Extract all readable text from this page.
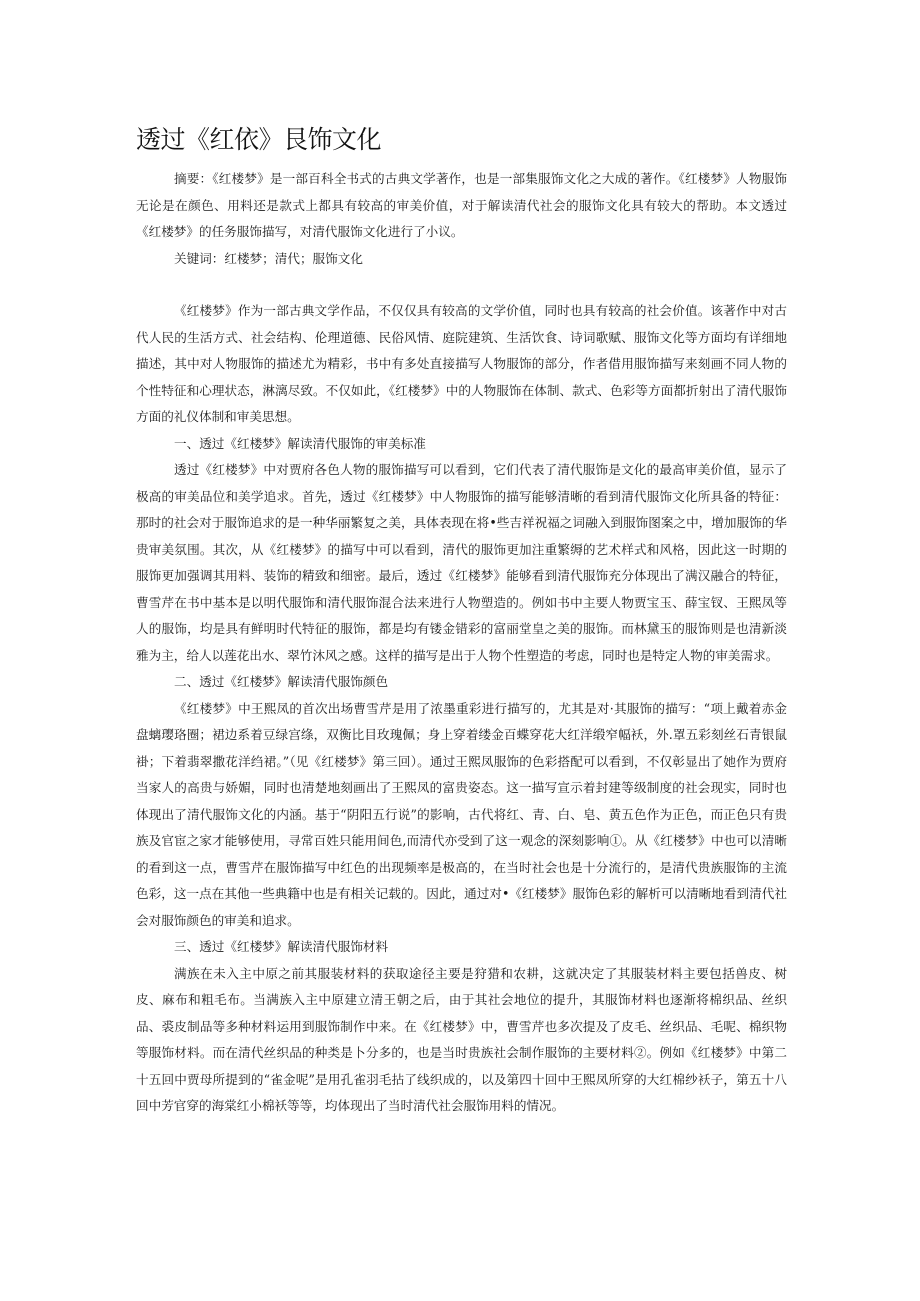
透过《红依》艮饰文化

摘要：《红楼梦》是一部百科全书式的古典文学著作，也是一部集服饰文化之大成的著作。《红楼梦》人物服饰无论是在颜色、用料还是款式上都具有较高的审美价值，对于解读清代社会的服饰文化具有较大的帮助。本文透过《红楼梦》的任务服饰描写，对清代服饰文化进行了小议。

关键词：红楼梦；清代；服饰文化

《红楼梦》作为一部古典文学作品，不仅仅具有较高的文学价值，同时也具有较高的社会价值。该著作中对古代人民的生活方式、社会结构、伦理道德、民俗风情、庭院建筑、生活饮食、诗词歌赋、服饰文化等方面均有详细地描述，其中对人物服饰的描述尤为精彩，书中有多处直接描写人物服饰的部分，作者借用服饰描写来刻画不同人物的个性特征和心理状态，淋漓尽致。不仅如此，《红楼梦》中的人物服饰在体制、款式、色彩等方面都折射出了清代服饰方面的礼仪体制和审美思想。

一、透过《红楼梦》解读清代服饰的审美标准

透过《红楼梦》中对贾府各色人物的服饰描写可以看到，它们代表了清代服饰是文化的最高审美价值，显示了极高的审美品位和美学追求。首先，透过《红楼梦》中人物服饰的描写能够清晰的看到清代服饰文化所具备的特征：那时的社会对于服饰追求的是一种华丽繁复之美，具体表现在将•些吉祥祝福之词融入到服饰图案之中，增加服饰的华贵审美氛围。其次，从《红楼梦》的描写中可以看到，清代的服饰更加注重繁缛的艺术样式和风格，因此这一时期的服饰更加强调其用料、装饰的精致和细密。最后，透过《红楼梦》能够看到清代服饰充分体现出了满汉融合的特征，曹雪芹在书中基本是以明代服饰和清代服饰混合法来进行人物塑造的。例如书中主要人物贾宝玉、薛宝钗、王熙凤等人的服饰，均是具有鲜明时代特征的服饰，都是均有镂金错彩的富丽堂皇之美的服饰。而林黛玉的服饰则是也清新淡雅为主，给人以莲花出水、翠竹沐风之感。这样的描写是出于人物个性塑造的考虑，同时也是特定人物的审美需求。

二、透过《红楼梦》解读清代服饰颜色

《红楼梦》中王熙凤的首次出场曹雪芹是用了浓墨重彩进行描写的，尤其是对·其服饰的描写：“项上戴着赤金盘螭璎珞圈；裙边系着豆绿宫绦，双衡比目玫瑰佩；身上穿着缕金百蝶穿花大红洋缎窄幅袄，外.罩五彩刻丝石青银鼠褂；下着翡翠撒花洋绉裙。”（见《红楼梦》第三回）。通过王熙凤服饰的色彩搭配可以看到，不仅彰显出了她作为贾府当家人的高贵与娇媚，同时也清楚地刻画出了王熙凤的富贵姿态。这一描写宣示着封建等级制度的社会现实，同时也体现出了清代服饰文化的内涵。基于“阴阳五行说”的影响，古代将红、青、白、皂、黄五色作为正色，而正色只有贵族及官宦之家才能够使用，寻常百姓只能用间色,而清代亦受到了这一观念的深刻影响①。从《红楼梦》中也可以清晰的看到这一点，曹雪芹在服饰描写中红色的出现频率是极高的，在当时社会也是十分流行的，是清代贵族服饰的主流色彩，这一点在其他一些典籍中也是有相关记载的。因此，通过对•《红楼梦》服饰色彩的解析可以清晰地看到清代社会对服饰颜色的审美和追求。

三、透过《红楼梦》解读清代服饰材料

满族在未入主中原之前其服装材料的获取途径主要是狩猎和农耕，这就决定了其服装材料主要包括兽皮、树皮、麻布和粗毛布。当满族入主中原建立清王朝之后，由于其社会地位的提升，其服饰材料也逐渐将棉织品、丝织品、裘皮制品等多种材料运用到服饰制作中来。在《红楼梦》中，曹雪芹也多次提及了皮毛、丝织品、毛呢、棉织物等服饰材料。而在清代丝织品的种类是卜分多的，也是当时贵族社会制作服饰的主要材料②。例如《红楼梦》中第二十五回中贾母所提到的“雀金呢”是用孔雀羽毛拈了线织成的，以及第四十回中王熙凤所穿的大红棉纱袄子，第五十八回中芳官穿的海棠红小棉袄等等，均体现出了当时清代社会服饰用料的情况。
